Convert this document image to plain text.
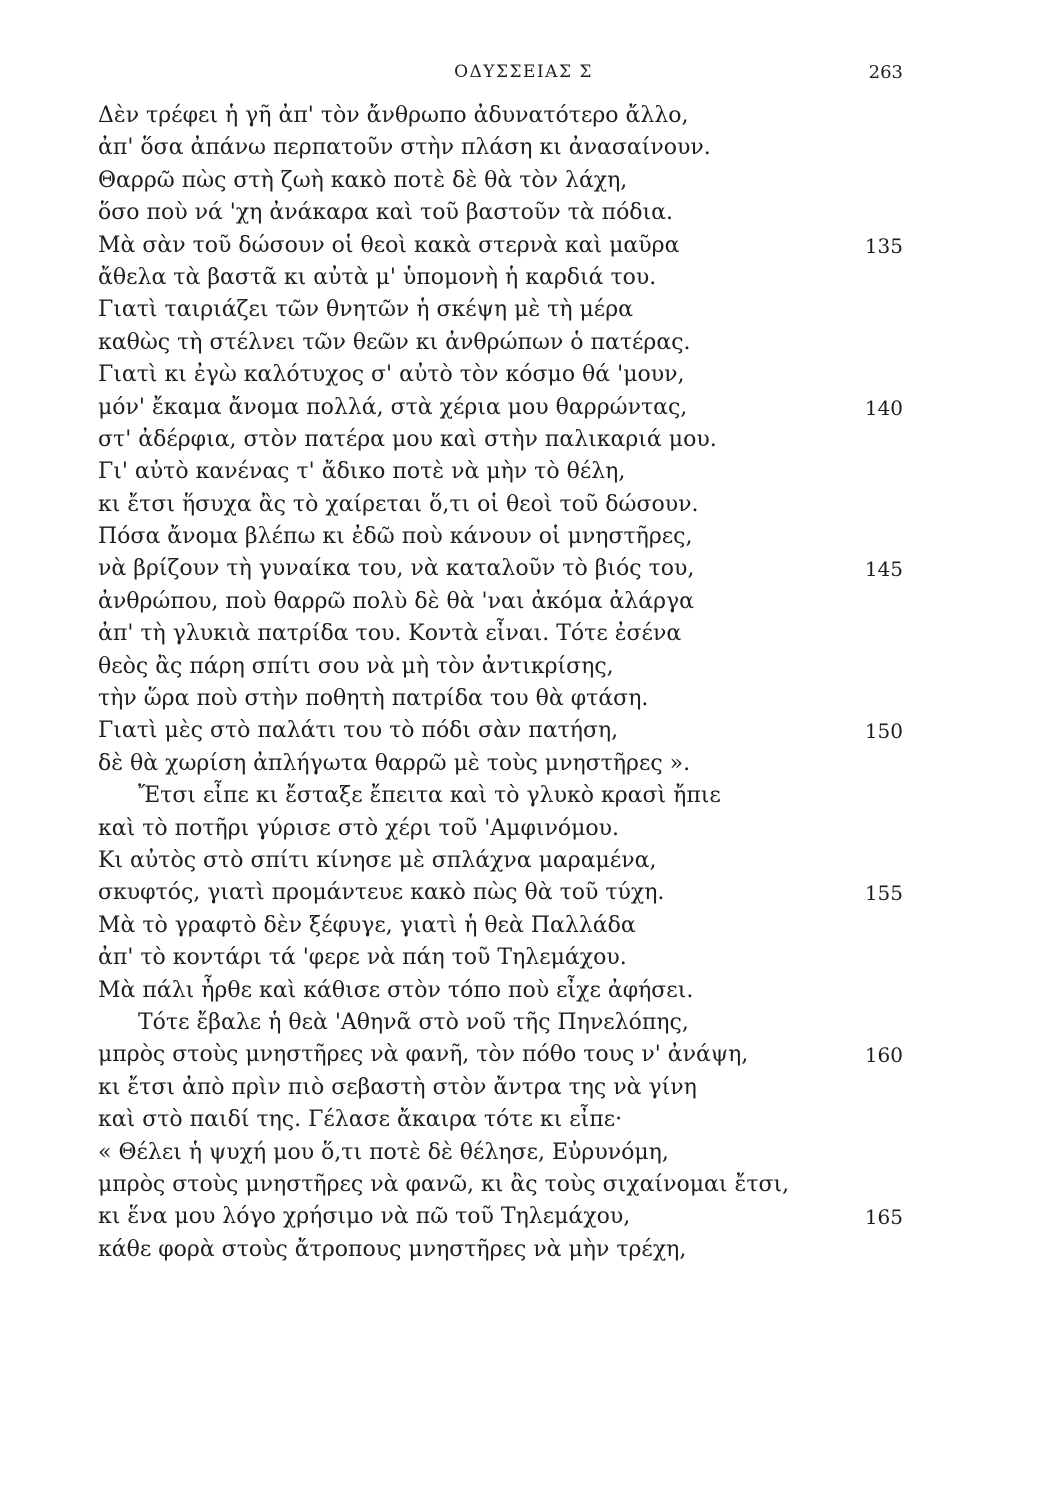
ΟΔΥΣΣΕΙΑΣ Σ	263
Δὲν τρέφει ἡ γῆ ἀπ' τὸν ἄνθρωπο ἀδυνατότερο ἄλλο,
ἀπ' ὅσα ἀπάνω περπατοῦν στὴν πλάση κι ἀνασαίνουν.
Θαρρῶ πὼς στὴ ζωὴ κακὸ ποτὲ δὲ θὰ τὸν λάχη,
ὅσο ποὺ νά 'χη ἀνάκαρα καὶ τοῦ βαστοῦν τὰ πόδια.
Μὰ σὰν τοῦ δώσουν οἱ θεοὶ κακὰ στερνὰ καὶ μαῦρα	135
ἄθελα τὰ βαστᾶ κι αὐτὰ μ' ὑπομονὴ ἡ καρδιά του.
Γιατὶ ταιριάζει τῶν θνητῶν ἡ σκέψη μὲ τὴ μέρα
καθὼς τὴ στέλνει τῶν θεῶν κι ἀνθρώπων ὁ πατέρας.
Γιατὶ κι ἐγὼ καλότυχος σ' αὐτὸ τὸν κόσμο θά 'μουν,
μόν' ἔκαμα ἄνομα πολλά, στὰ χέρια μου θαρρώντας,	140
στ' ἀδέρφια, στὸν πατέρα μου καὶ στὴν παλικαριά μου.
Γι' αὐτὸ κανένας τ' ἄδικο ποτὲ νὰ μὴν τὸ θέλη,
κι ἔτσι ἥσυχα ἂς τὸ χαίρεται ὅ,τι οἱ θεοὶ τοῦ δώσουν.
Πόσα ἄνομα βλέπω κι ἐδῶ ποὺ κάνουν οἱ μνηστῆρες,
νὰ βρίζουν τὴ γυναίκα του, νὰ καταλοῦν τὸ βιός του,	145
ἀνθρώπου, ποὺ θαρρῶ πολὺ δὲ θὰ 'ναι ἀκόμα ἀλάργα
ἀπ' τὴ γλυκιὰ πατρίδα του. Κοντὰ εἶναι. Τότε ἐσένα
θεὸς ἂς πάρη σπίτι σου νὰ μὴ τὸν ἀντικρίσης,
τὴν ὥρα ποὺ στὴν ποθητὴ πατρίδα του θὰ φτάση.
Γιατὶ μὲς στὸ παλάτι του τὸ πόδι σὰν πατήση,	150
δὲ θὰ χωρίση ἀπλήγωτα θαρρῶ μὲ τοὺς μνηστῆρες ».
Ἔτσι εἶπε κι ἔσταξε ἔπειτα καὶ τὸ γλυκὸ κρασὶ ἤπιε
καὶ τὸ ποτῆρι γύρισε στὸ χέρι τοῦ 'Αμφινόμου.
Κι αὐτὸς στὸ σπίτι κίνησε μὲ σπλάχνα μαραμένα,
σκυφτός, γιατὶ προμάντευε κακὸ πὼς θὰ τοῦ τύχη.	155
Μὰ τὸ γραφτὸ δὲν ξέφυγε, γιατὶ ἡ θεὰ Παλλάδα
ἀπ' τὸ κοντάρι τά 'φερε νὰ πάη τοῦ Τηλεμάχου.
Μὰ πάλι ἦρθε καὶ κάθισε στὸν τόπο ποὺ εἶχε ἀφήσει.
Τότε ἔβαλε ἡ θεὰ 'Αθηνᾶ στὸ νοῦ τῆς Πηνελόπης,
μπρὸς στοὺς μνηστῆρες νὰ φανῆ, τὸν πόθο τους ν' ἀνάψη,	160
κι ἔτσι ἀπὸ πρὶν πιὸ σεβαστὴ στὸν ἄντρα της νὰ γίνη
καὶ στὸ παιδί της. Γέλασε ἄκαιρα τότε κι εἶπε·
« Θέλει ἡ ψυχή μου ὅ,τι ποτὲ δὲ θέλησε, Εὐρυνόμη,
μπρὸς στοὺς μνηστῆρες νὰ φανῶ, κι ἂς τοὺς σιχαίνομαι ἔτσι,
κι ἕνα μου λόγο χρήσιμο νὰ πῶ τοῦ Τηλεμάχου,	165
κάθε φορὰ στοὺς ἄτροπους μνηστῆρες νὰ μὴν τρέχη,
